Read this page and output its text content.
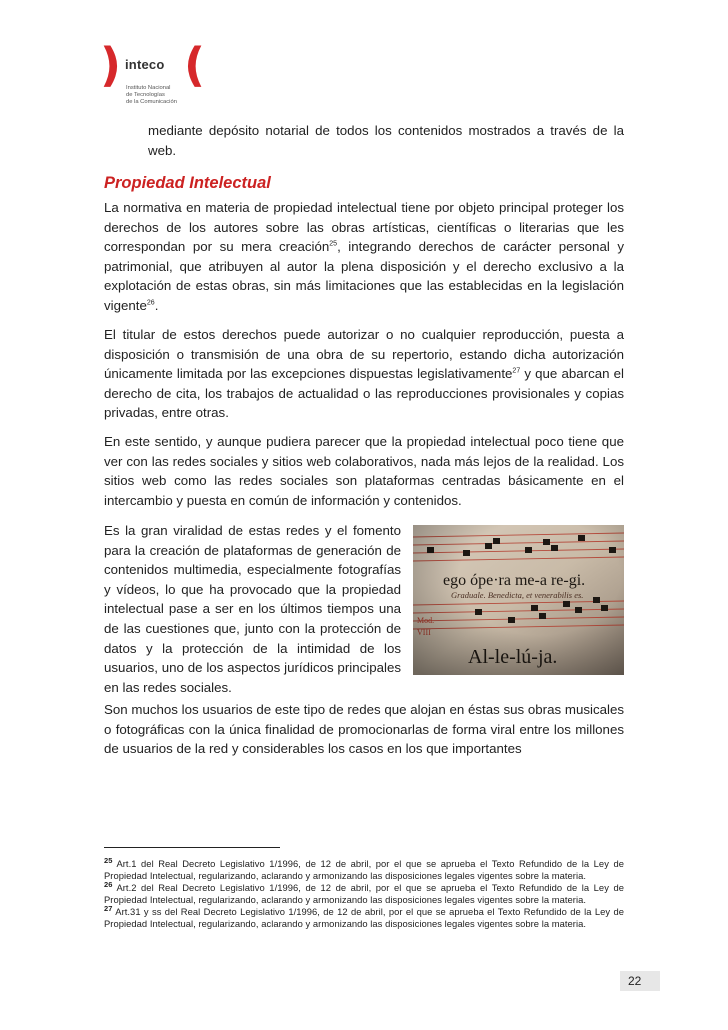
) inteco (
Instituto Nacional
de Tecnologías
de la Comunicación

mediante depósito notarial de todos los contenidos mostrados a través de la web.

Propiedad Intelectual

La normativa en materia de propiedad intelectual tiene por objeto principal proteger los derechos de los autores sobre las obras artísticas, científicas o literarias que les correspondan por su mera creación$^{25}$, integrando derechos de carácter personal y patrimonial, que atribuyen al autor la plena disposición y el derecho exclusivo a la explotación de estas obras, sin más limitaciones que las establecidas en la legislación vigente$^{26}$.

El titular de estos derechos puede autorizar o no cualquier reproducción, puesta a disposición o transmisión de una obra de su repertorio, estando dicha autorización únicamente limitada por las excepciones dispuestas legislativamente$^{27}$ y que abarcan el derecho de cita, los trabajos de actualidad o las reproducciones provisionales y copias privadas, entre otras.

En este sentido, y aunque pudiera parecer que la propiedad intelectual poco tiene que ver con las redes sociales y sitios web colaborativos, nada más lejos de la realidad. Los sitios web como las redes sociales son plataformas centradas básicamente en el intercambio y puesta en común de información y contenidos.

Es la gran viralidad de estas redes y el fomento para la creación de plataformas de generación de contenidos multimedia, especialmente fotografías y vídeos, lo que ha provocado que la propiedad intelectual pase a ser en los últimos tiempos una de las cuestiones que, junto con la protección de datos y la protección de la intimidad de los usuarios, uno de los aspectos jurídicos principales en las redes sociales.

Son muchos los usuarios de este tipo de redes que alojan en éstas sus obras musicales o fotográficas con la única finalidad de promocionarlas de forma viral entre los millones de usuarios de la red y considerables los casos en los que importantes

$^{25}$ Art.1 del Real Decreto Legislativo 1/1996, de 12 de abril, por el que se aprueba el Texto Refundido de la Ley de Propiedad Intelectual, regularizando, aclarando y armonizando las disposiciones legales vigentes sobre la materia.

$^{26}$ Art.2 del Real Decreto Legislativo 1/1996, de 12 de abril, por el que se aprueba el Texto Refundido de la Ley de Propiedad Intelectual, regularizando, aclarando y armonizando las disposiciones legales vigentes sobre la materia.

$^{27}$ Art.31 y ss del Real Decreto Legislativo 1/1996, de 12 de abril, por el que se aprueba el Texto Refundido de la Ley de Propiedad Intelectual, regularizando, aclarando y armonizando las disposiciones legales vigentes sobre la materia.

22
